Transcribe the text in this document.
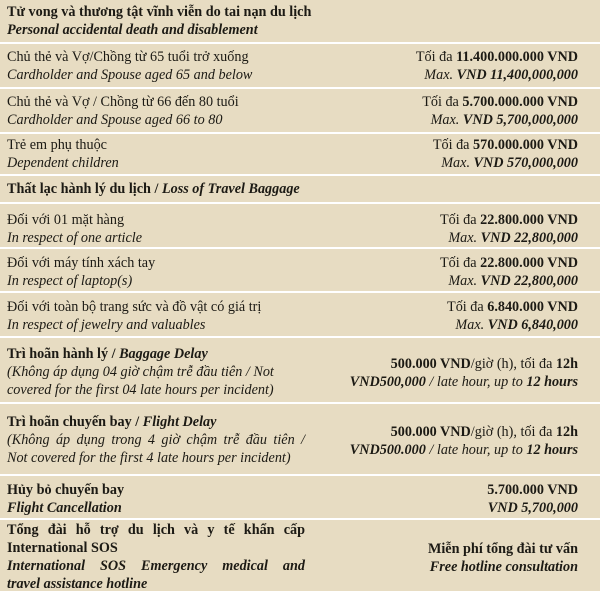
Tử vong và thương tật vĩnh viễn do tai nạn du lịch
Personal accidental death and disablement
Chủ thẻ và Vợ/Chồng từ 65 tuổi trở xuống
Cardholder and Spouse aged 65 and below
Tối đa 11.400.000.000 VND
Max. VND 11,400,000,000
Chủ thẻ và Vợ / Chồng từ 66 đến 80 tuổi
Cardholder and Spouse aged 66 to 80
Tối đa 5.700.000.000 VND
Max. VND 5,700,000,000
Trẻ em phụ thuộc
Dependent children
Tối đa 570.000.000 VND
Max. VND 570,000,000
Thất lạc hành lý du lịch / Loss of Travel Baggage
Đối với 01 mặt hàng
In respect of one article
Tối đa 22.800.000 VND
Max. VND 22,800,000
Đối với máy tính xách tay
In respect of laptop(s)
Tối đa 22.800.000 VND
Max. VND 22,800,000
Đối với toàn bộ trang sức và đồ vật có giá trị
In respect of jewelry and valuables
Tối đa 6.840.000 VND
Max. VND 6,840,000
Trì hoãn hành lý / Baggage Delay
(Không áp dụng 04 giờ chậm trễ đầu tiên / Not
covered for the first 04 late hours per incident)
500.000 VND/giờ (h), tối đa 12h
VND500,000 / late hour, up to 12 hours
Trì hoãn chuyến bay / Flight Delay
(Không áp dụng trong 4 giờ chậm trễ đầu tiên /
Not covered for the first 4 late hours per incident)
500.000 VND/giờ (h), tối đa 12h
VND500.000 / late hour, up to 12 hours
Hủy bỏ chuyến bay
Flight Cancellation
5.700.000 VND
VND 5,700,000
Tổng đài hỗ trợ du lịch và y tế khẩn cấp
International SOS
International SOS Emergency medical and
travel assistance hotline
Miễn phí tổng đài tư vấn
Free hotline consultation
